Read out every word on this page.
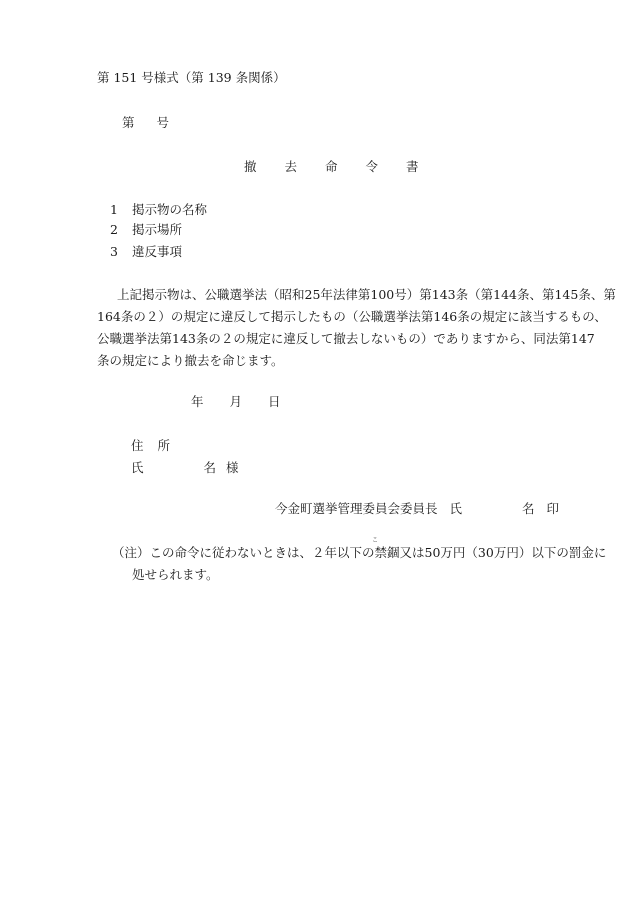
第 151 号様式（第 139 条関係）
第 号
撤 去 命 令 書
1 掲示物の名称
2 掲示場所
3 違反事項
上記掲示物は、公職選挙法（昭和25年法律第100号）第143条（第144条、第145条、第
164条の２）の規定に違反して掲示したもの（公職選挙法第146条の規定に該当するもの、
公職選挙法第143条の２の規定に違反して撤去しないもの）でありますから、同法第147
条の規定により撤去を命じます。
年 月 日
住 所
氏	名 様
今金町選挙管理委員会委員長 氏	名 印
こ
（注）この命令に従わないときは、２年以下の禁錮又は50万円（30万円）以下の罰金に
処せられます。
